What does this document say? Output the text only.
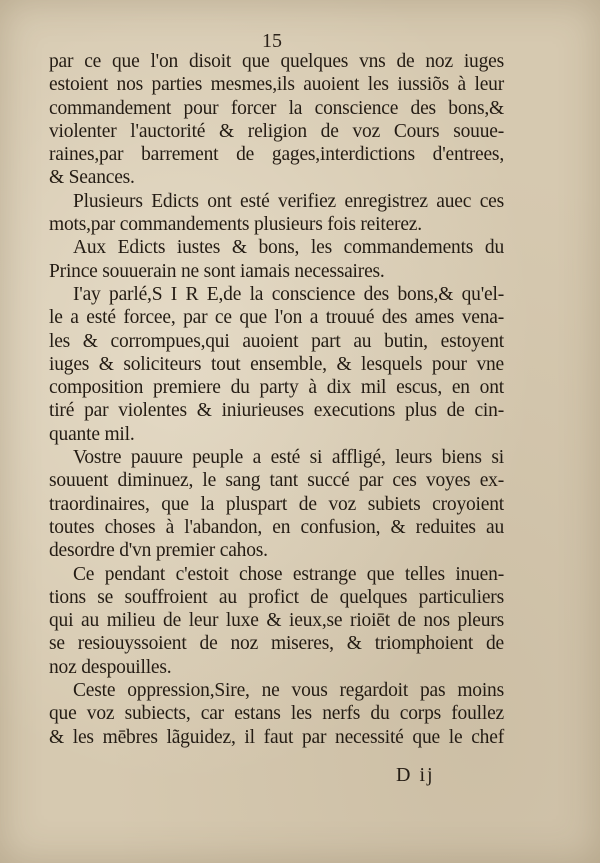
15
par ce que l'on disoit que quelques vns de noz iuges
estoient nos parties mesmes,ils auoient les iussiõs à leur
commandement pour forcer la conscience des bons,&
violenter l'auctorité & religion de voz Cours souue-
raines,par barrement de gages,interdictions d'entrees,
& Seances.
Plusieurs Edicts ont esté verifiez enregistrez auec ces
mots,par commandements plusieurs fois reiterez.
Aux Edicts iustes & bons, les commandements du
Prince souuerain ne sont iamais necessaires.
I'ay parlé,S I R E,de la conscience des bons,& qu'el-
le a esté forcee, par ce que l'on a trouué des ames vena-
les & corrompues,qui auoient part au butin, estoyent
iuges & soliciteurs tout ensemble, & lesquels pour vne
composition premiere du party à dix mil escus, en ont
tiré par violentes & iniurieuses executions plus de cin-
quante mil.
Vostre pauure peuple a esté si affligé, leurs biens si
souuent diminuez, le sang tant succé par ces voyes ex-
traordinaires, que la pluspart de voz subiets croyoient
toutes choses à l'abandon, en confusion, & reduites au
desordre d'vn premier cahos.
Ce pendant c'estoit chose estrange que telles inuen-
tions se souffroient au profict de quelques particuliers
qui au milieu de leur luxe & ieux,se rioiēt de nos pleurs
se resiouyssoient de noz miseres, & triomphoient de
noz despouilles.
Ceste oppression,Sire, ne vous regardoit pas moins
que voz subiects, car estans les nerfs du corps foullez
& les mēbres lãguidez, il faut par necessité que le chef
D ij
